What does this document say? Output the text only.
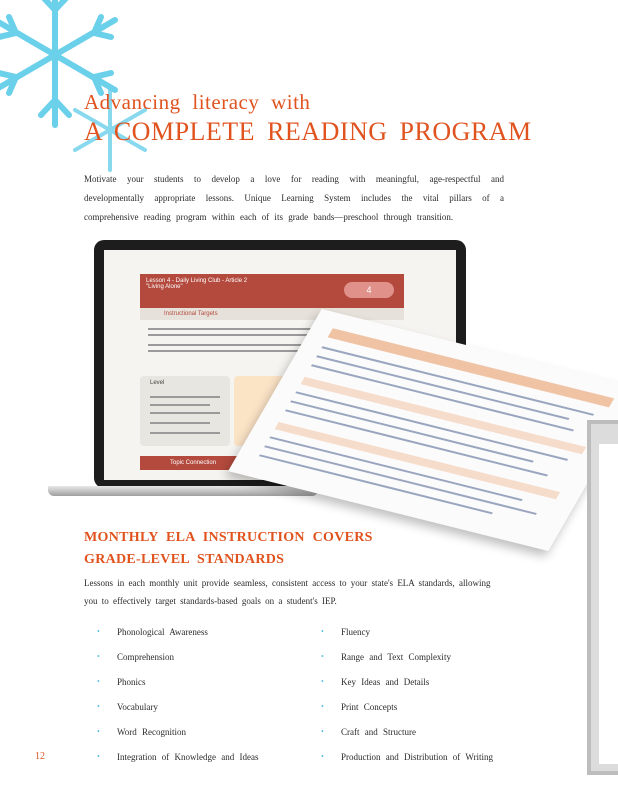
Advancing literacy with
A COMPLETE READING PROGRAM
Motivate your students to develop a love for reading with meaningful, age-respectful and developmentally appropriate lessons. Unique Learning System includes the vital pillars of a comprehensive reading program within each of its grade bands—preschool through transition.
Lesson 4 - Daily Living Club - Article 2
"Living Alone"	4
Instructional Targets
Level
Topic Connection
MONTHLY ELA INSTRUCTION COVERS GRADE-LEVEL STANDARDS
Lessons in each monthly unit provide seamless, consistent access to your state's ELA standards, allowing you to effectively target standards-based goals on a student's IEP.
• Phonological Awareness
• Comprehension
• Phonics
• Vocabulary
• Word Recognition
• Integration of Knowledge and Ideas
• Fluency
• Range and Text Complexity
• Key Ideas and Details
• Print Concepts
• Craft and Structure
• Production and Distribution of Writing
12
